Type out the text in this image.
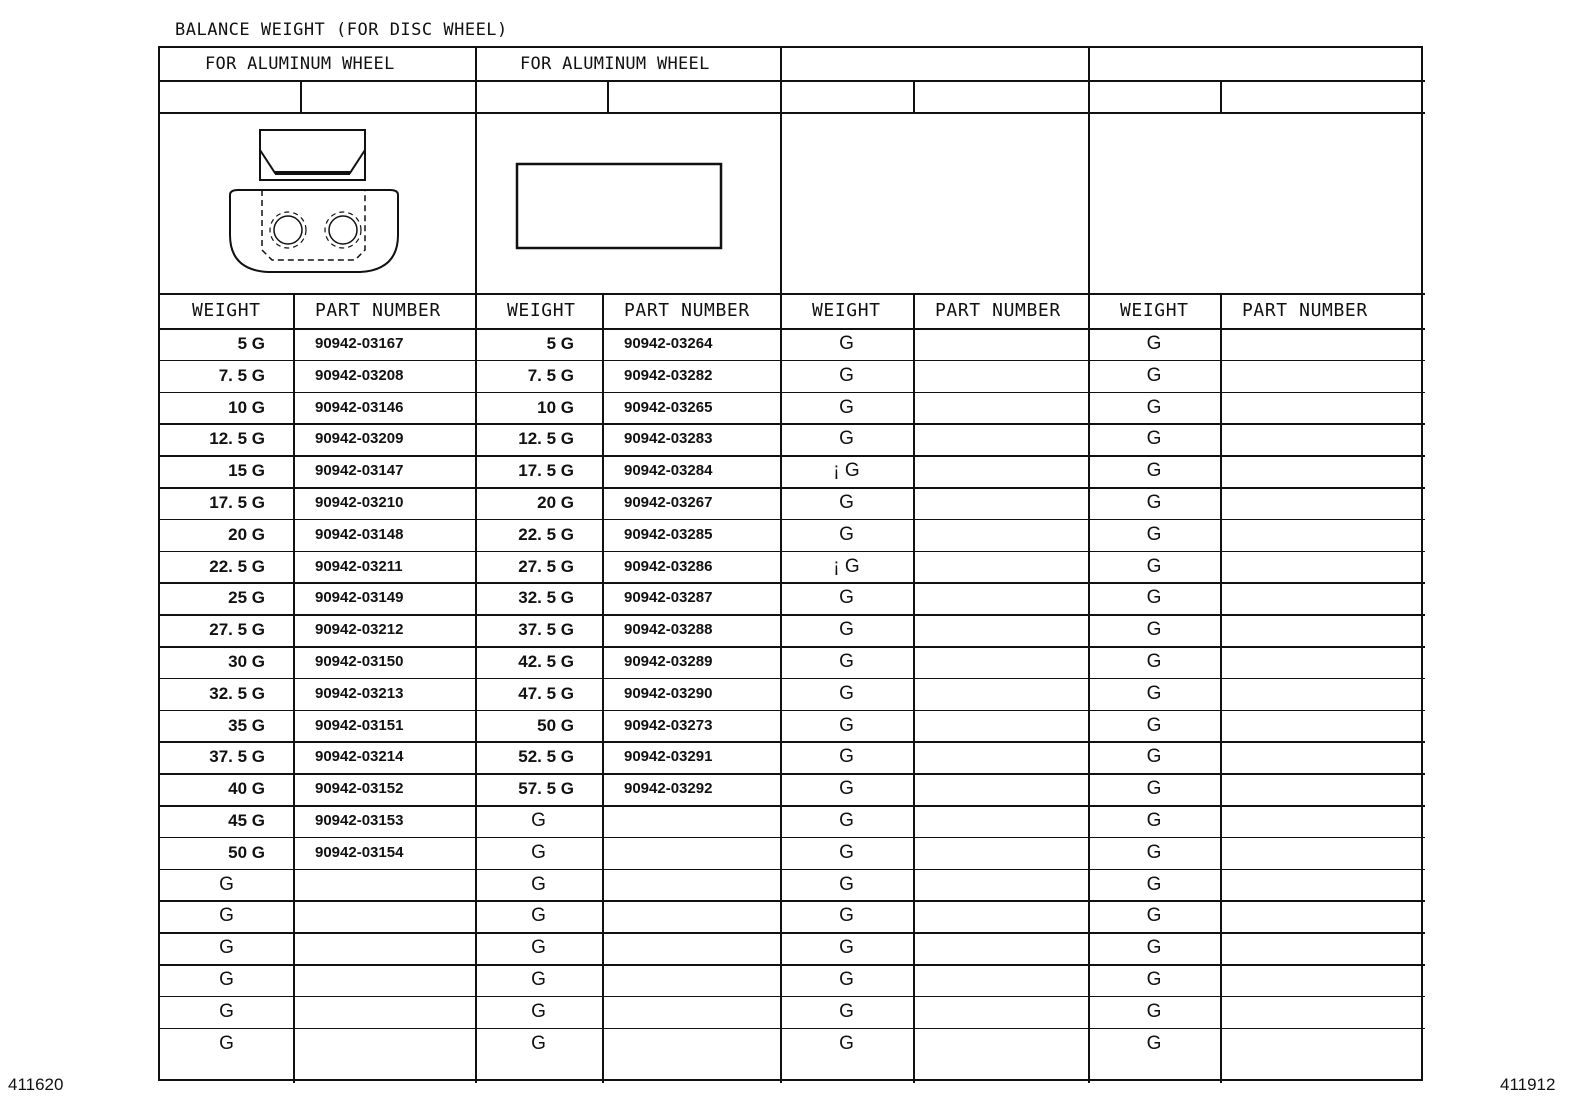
BALANCE WEIGHT (FOR DISC WHEEL)
FOR ALUMINUM WHEEL
WEIGHT	PART NUMBER
5 G	90942-03167
7. 5 G	90942-03208
10 G	90942-03146
12. 5 G	90942-03209
15 G	90942-03147
17. 5 G	90942-03210
20 G	90942-03148
22. 5 G	90942-03211
25 G	90942-03149
27. 5 G	90942-03212
30 G	90942-03150
32. 5 G	90942-03213
35 G	90942-03151
37. 5 G	90942-03214
40 G	90942-03152
45 G	90942-03153
50 G	90942-03154
G
G
G
G
G
G
FOR ALUMINUM WHEEL
WEIGHT	PART NUMBER
5 G	90942-03264
7. 5 G	90942-03282
10 G	90942-03265
12. 5 G	90942-03283
17. 5 G	90942-03284
20 G	90942-03267
22. 5 G	90942-03285
27. 5 G	90942-03286
32. 5 G	90942-03287
37. 5 G	90942-03288
42. 5 G	90942-03289
47. 5 G	90942-03290
50 G	90942-03273
52. 5 G	90942-03291
57. 5 G	90942-03292
G
G
G
G
G
G
G
G
WEIGHT	PART NUMBER
G
G
G
G
¡ G
G
G
¡ G
G
G
G
G
G
G
G
G
G
G
G
G
G
G
G
WEIGHT	PART NUMBER
G
G
G
G
G
G
G
G
G
G
G
G
G
G
G
G
G
G
G
G
G
G
G
411620	411912
